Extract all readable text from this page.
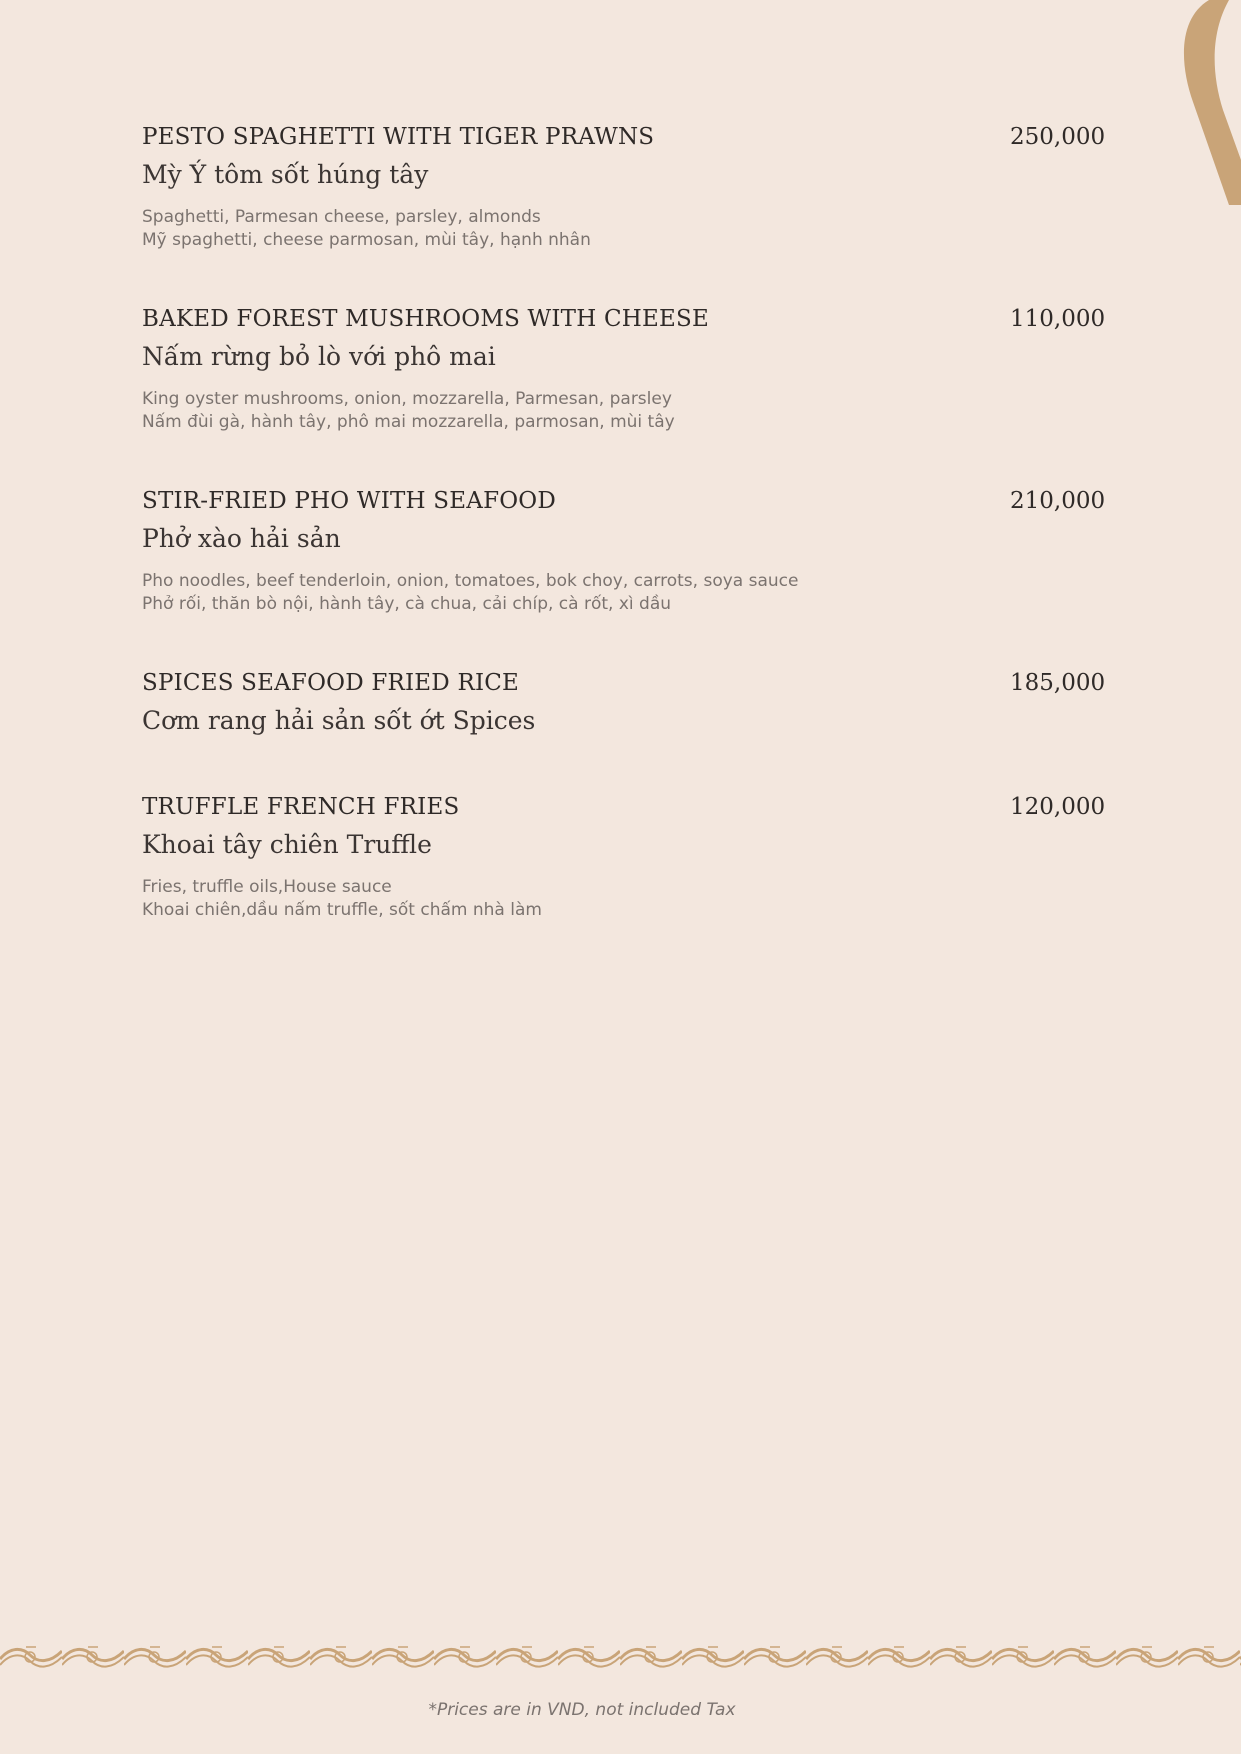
PESTO SPAGHETTI WITH TIGER PRAWNS	250,000
Mỳ Ý tôm sốt húng tây
Spaghetti, Parmesan cheese, parsley, almonds
Mỹ spaghetti, cheese parmosan, mùi tây, hạnh nhân
BAKED FOREST MUSHROOMS WITH CHEESE	110,000
Nấm rừng bỏ lò với phô mai
King oyster mushrooms, onion, mozzarella, Parmesan, parsley
Nấm đùi gà, hành tây, phô mai mozzarella, parmosan, mùi tây
STIR-FRIED PHO WITH SEAFOOD	210,000
Phở xào hải sản
Pho noodles, beef tenderloin, onion, tomatoes, bok choy, carrots, soya sauce
Phở rối, thăn bò nội, hành tây, cà chua, cải chíp, cà rốt, xì dầu
SPICES SEAFOOD FRIED RICE	185,000
Cơm rang hải sản sốt ớt Spices
TRUFFLE FRENCH FRIES	120,000
Khoai tây chiên Truffle
Fries, truffle oils,House sauce
Khoai chiên,dầu nấm truffle, sốt chấm nhà làm
*Prices are in VND, not included Tax
